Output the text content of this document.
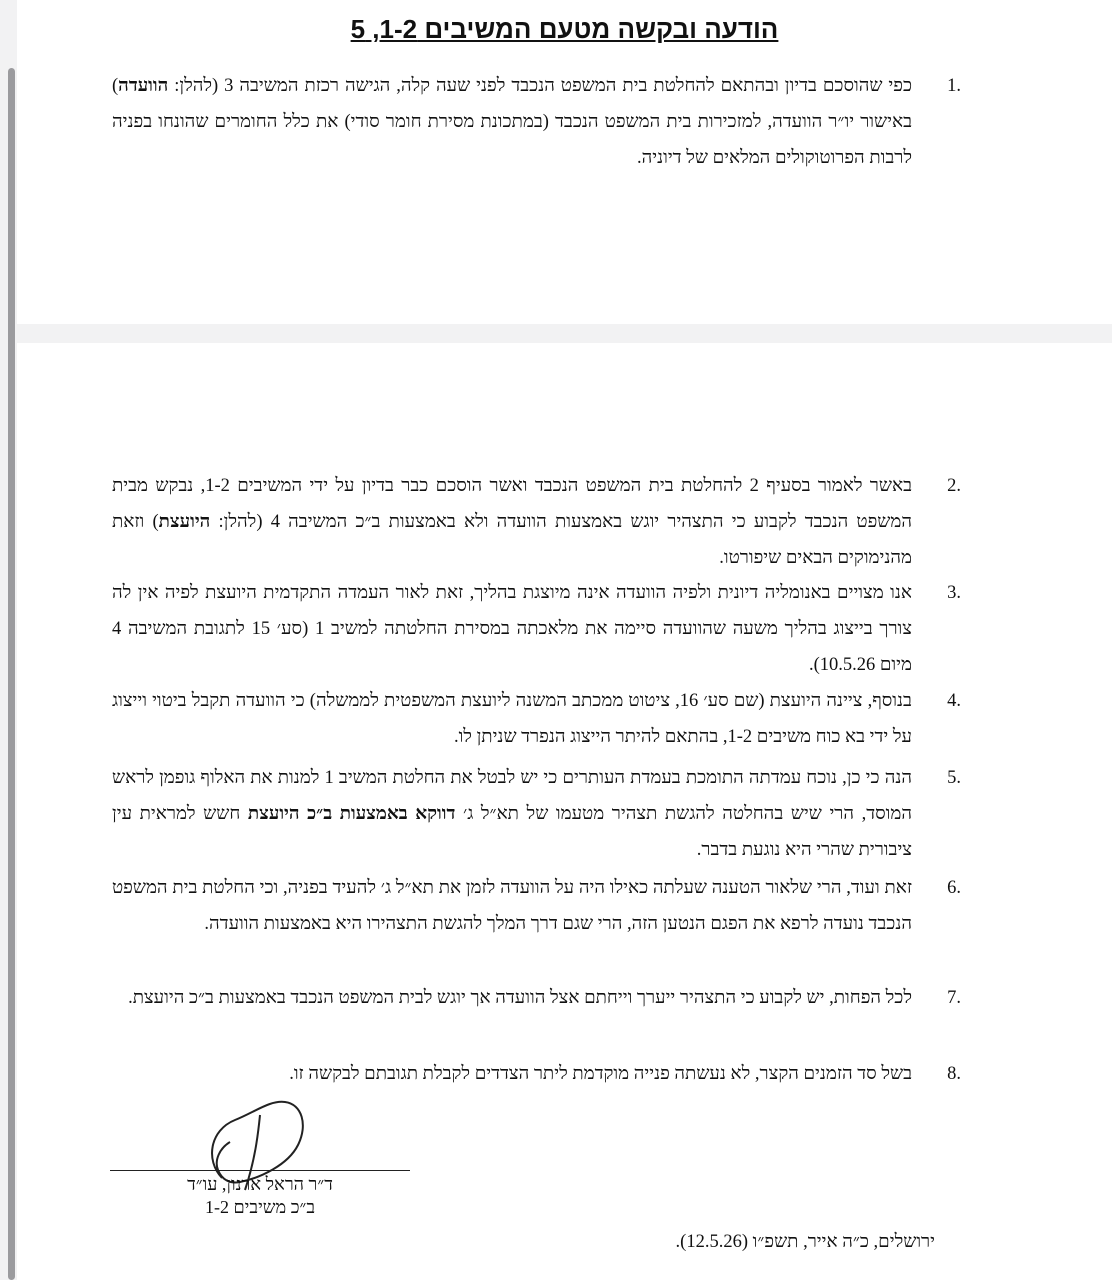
הודעה ובקשה מטעם המשיבים 1-2, 5
1.

כפי שהוסכם בדיון ובהתאם להחלטת בית המשפט הנכבד לפני שעה קלה, הגישה רכזת המשיבה 3 (להלן: הוועדה) באישור יו״ר הוועדה, למזכירות בית המשפט הנכבד (במתכונת מסירת חומר סודי) את כלל החומרים שהונחו בפניה לרבות הפרוטוקולים המלאים של דיוניה.

2.

באשר לאמור בסעיף 2 להחלטת בית המשפט הנכבד ואשר הוסכם כבר בדיון על ידי המשיבים 1-2, נבקש מבית המשפט הנכבד לקבוע כי התצהיר יוגש באמצעות הוועדה ולא באמצעות ב״כ המשיבה 4 (להלן: היועצת) וזאת מהנימוקים הבאים שיפורטו.

3.

אנו מצויים באנומליה דיונית ולפיה הוועדה אינה מיוצגת בהליך, זאת לאור העמדה התקדמית היועצת לפיה אין לה צורך בייצוג בהליך משעה שהוועדה סיימה את מלאכתה במסירת החלטתה למשיב 1 (סע׳ 15 לתגובת המשיבה 4 מיום 10.5.26).

4.

בנוסף, ציינה היועצת (שם סע׳ 16, ציטוט ממכתב המשנה ליועצת המשפטית לממשלה) כי הוועדה תקבל ביטוי וייצוג על ידי בא כוח משיבים 1-2, בהתאם להיתר הייצוג הנפרד שניתן לו.

5.

הנה כי כן, נוכח עמדתה התומכת בעמדת העותרים כי יש לבטל את החלטת המשיב 1 למנות את האלוף גופמן לראש המוסד, הרי שיש בהחלטה להגשת תצהיר מטעמו של תא״ל ג׳ דווקא באמצעות ב״כ היועצת חשש למראית עין ציבורית שהרי היא נוגעת בדבר.

6.

זאת ועוד, הרי שלאור הטענה שעלתה כאילו היה על הוועדה לזמן את תא״ל ג׳ להעיד בפניה, וכי החלטת בית המשפט הנכבד נועדה לרפא את הפגם הנטען הזה, הרי שגם דרך המלך להגשת התצהירו היא באמצעות הוועדה.

7.

לכל הפחות, יש לקבוע כי התצהיר ייערך וייחתם אצל הוועדה אך יוגש לבית המשפט הנכבד באמצעות ב״כ היועצת.

8.

בשל סד הזמנים הקצר, לא נעשתה פנייה מוקדמת ליתר הצדדים לקבלת תגובתם לבקשה זו.

ד״ר הראל ארנון, עו״ד

ב״כ משיבים 1-2

ירושלים, כ״ה אייר, תשפ״ו (12.5.26).
